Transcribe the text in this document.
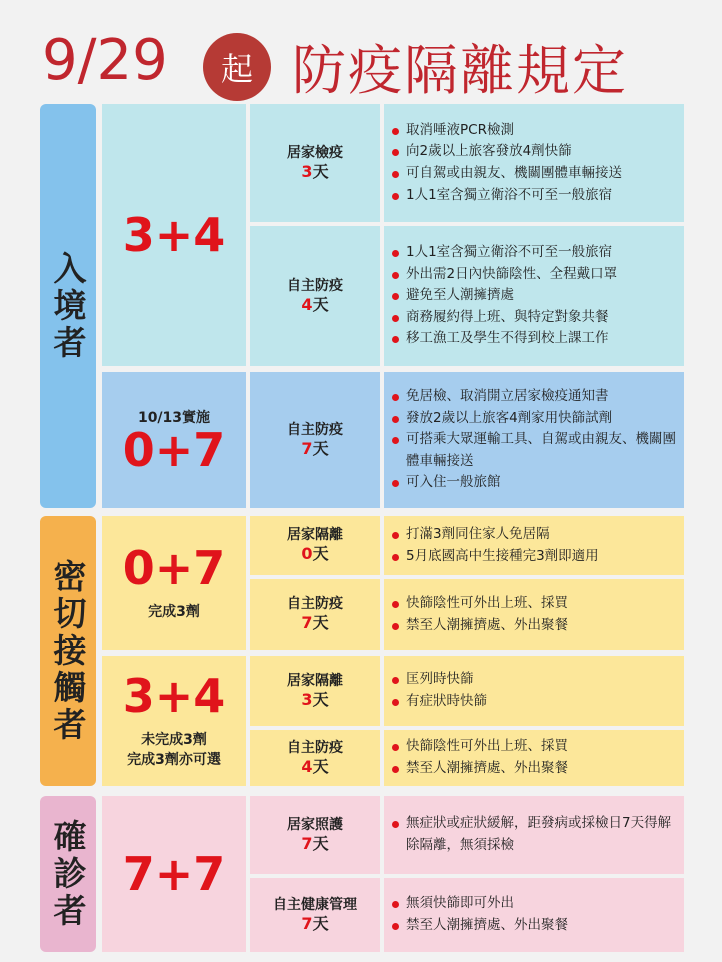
9/29	起 防疫隔離規定
入境者
3+4
居家檢疫
3天
取消唾液PCR檢測
向2歲以上旅客發放4劑快篩
可自駕或由親友、機關團體車輛接送
1人1室含獨立衛浴不可至一般旅宿
自主防疫
4天
1人1室含獨立衛浴不可至一般旅宿
外出需2日內快篩陰性、全程戴口罩
避免至人潮擁擠處
商務履約得上班、與特定對象共餐
移工漁工及學生不得到校上課工作
10/13實施
0+7	自主防疫
7天
免居檢、取消開立居家檢疫通知書
發放2歲以上旅客4劑家用快篩試劑
可搭乘大眾運輸工具、自駕或由親友、機關團體車輛接送
可入住一般旅館
密切接觸者 0+7
完成3劑
居家隔離
0天
打滿3劑同住家人免居隔
5月底國高中生接種完3劑即適用
自主防疫
7天
快篩陰性可外出上班、採買
禁至人潮擁擠處、外出聚餐
3+4
未完成3劑
完成3劑亦可選
居家隔離
3天
匡列時快篩
有症狀時快篩
自主防疫
4天
快篩陰性可外出上班、採買
禁至人潮擁擠處、外出聚餐
確診者 7+7
居家照護
7天
無症狀或症狀緩解，距發病或採檢日7天得解除隔離，無須採檢
自主健康管理
7天
無須快篩即可外出
禁至人潮擁擠處、外出聚餐
